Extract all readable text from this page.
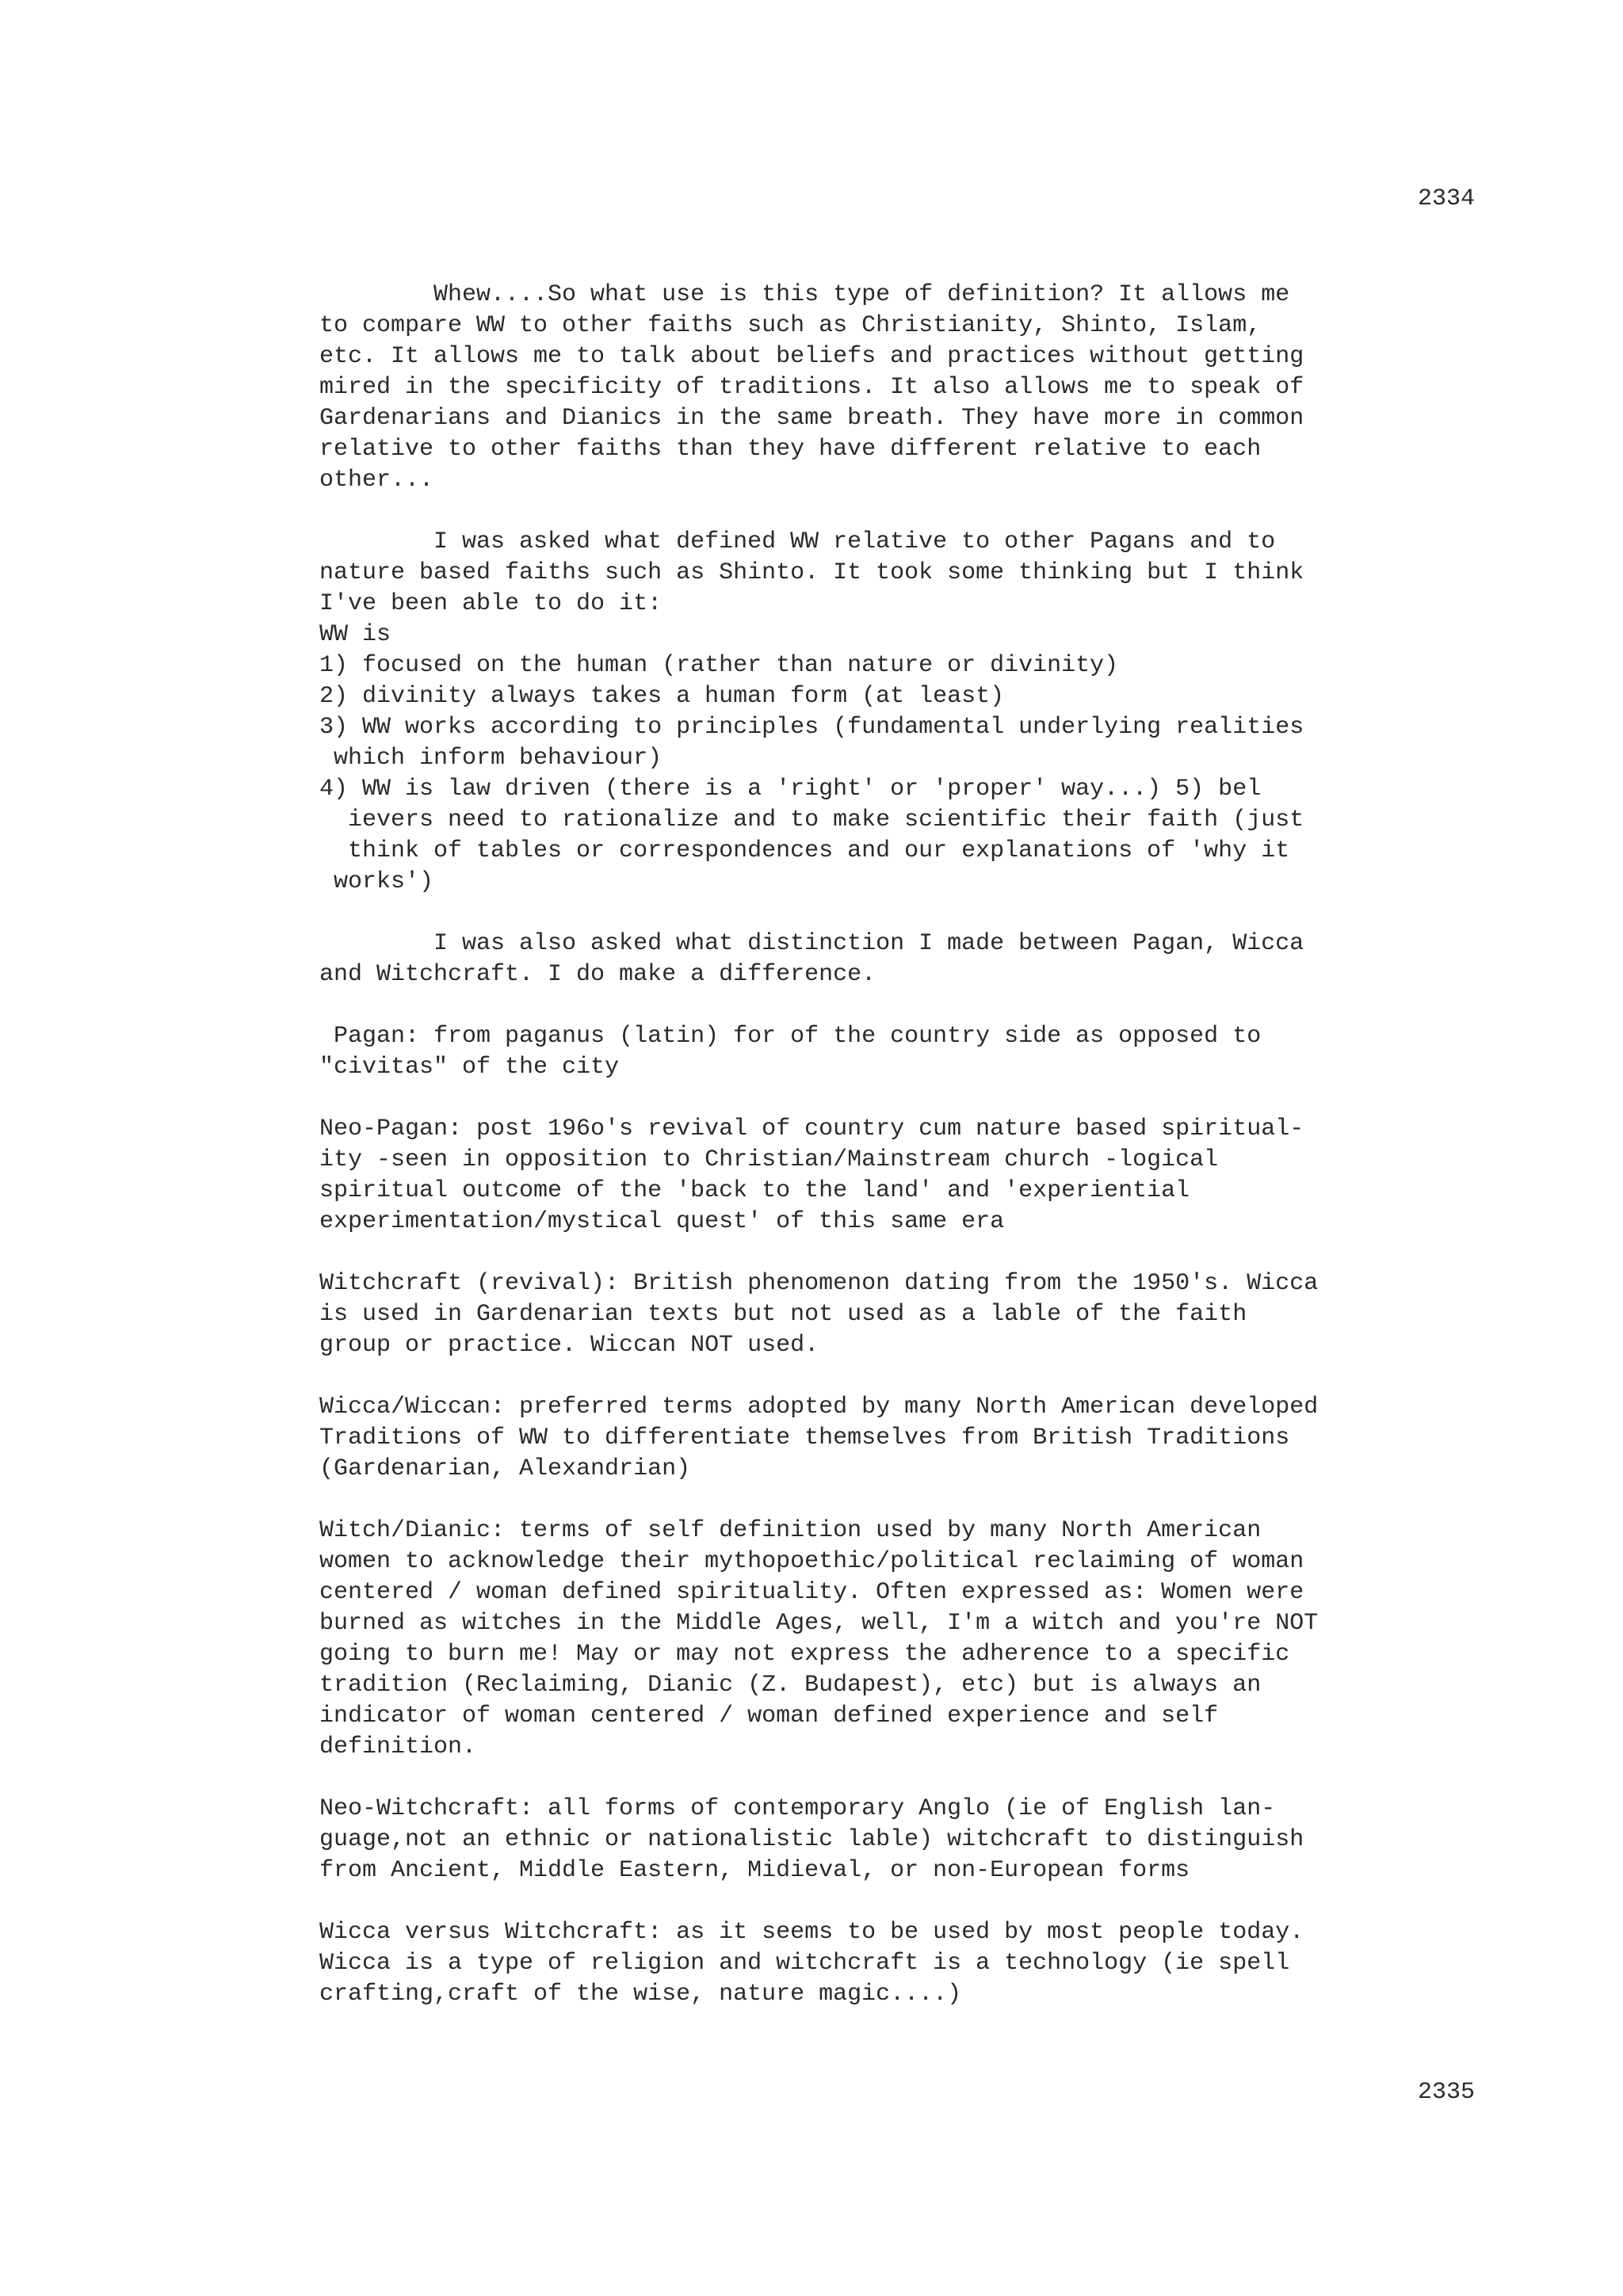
2334
Whew....So what use is this type of definition? It allows me
to compare WW to other faiths such as Christianity, Shinto, Islam,
etc. It allows me to talk about beliefs and practices without getting
mired in the specificity of traditions. It also allows me to speak of
Gardenarians and Dianics in the same breath. They have more in common
relative to other faiths than they have different relative to each
other...
I was asked what defined WW relative to other Pagans and to
nature based faiths such as Shinto. It took some thinking but I think
I've been able to do it:
WW is
1) focused on the human (rather than nature or divinity)
2) divinity always takes a human form (at least)
3) WW works according to principles (fundamental underlying realities
which inform behaviour)
4) WW is law driven (there is a 'right' or 'proper' way...) 5) bel
ievers need to rationalize and to make scientific their faith (just
think of tables or correspondences and our explanations of 'why it
works')
I was also asked what distinction I made between Pagan, Wicca
and Witchcraft. I do make a difference.
Pagan: from paganus (latin) for of the country side as opposed to
"civitas" of the city
Neo-Pagan: post 196o's revival of country cum nature based spiritual-
ity -seen in opposition to Christian/Mainstream church -logical
spiritual outcome of the 'back to the land' and 'experiential
experimentation/mystical quest' of this same era
Witchcraft (revival): British phenomenon dating from the 1950's. Wicca
is used in Gardenarian texts but not used as a lable of the faith
group or practice. Wiccan NOT used.
Wicca/Wiccan: preferred terms adopted by many North American developed
Traditions of WW to differentiate themselves from British Traditions
(Gardenarian, Alexandrian)
Witch/Dianic: terms of self definition used by many North American
women to acknowledge their mythopoethic/political reclaiming of woman
centered / woman defined spirituality. Often expressed as: Women were
burned as witches in the Middle Ages, well, I'm a witch and you're NOT
going to burn me! May or may not express the adherence to a specific
tradition (Reclaiming, Dianic (Z. Budapest), etc) but is always an
indicator of woman centered / woman defined experience and self
definition.
Neo-Witchcraft: all forms of contemporary Anglo (ie of English lan-
guage,not an ethnic or nationalistic lable) witchcraft to distinguish
from Ancient, Middle Eastern, Midieval, or non-European forms
Wicca versus Witchcraft: as it seems to be used by most people today.
Wicca is a type of religion and witchcraft is a technology (ie spell
crafting,craft of the wise, nature magic....)
2335
